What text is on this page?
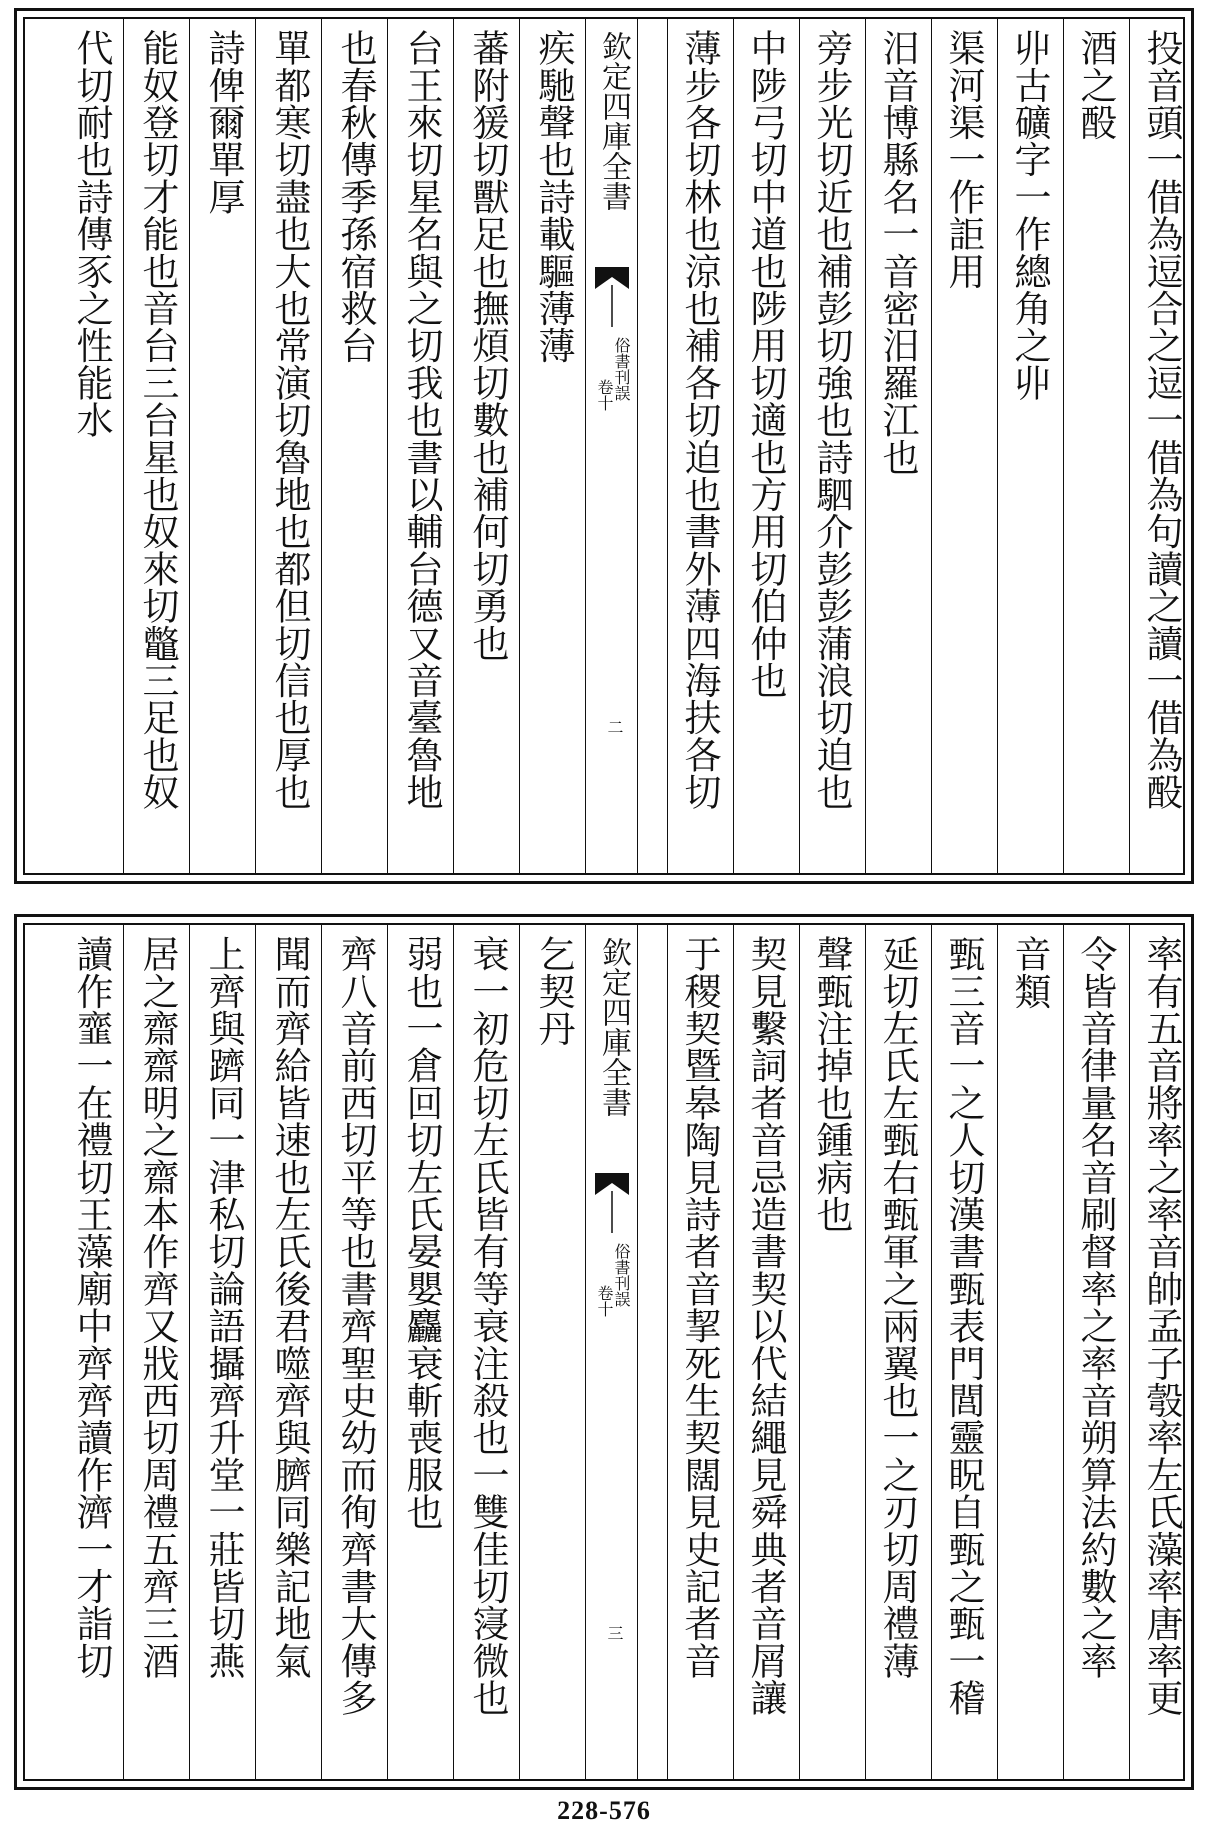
投音頭一借為逗合之逗一借為句讀之讀一借為酘
酒之酘
丱古礦字一作總角之丱
渠河渠一作詎用
汨音博縣名一音密汨羅江也
旁步光切近也補彭切強也詩駟介彭彭蒲浪切迫也
中陟弓切中道也陟用切適也方用切伯仲也
薄步各切林也涼也補各切迫也書外薄四海扶各切
欽定四庫全書
俗書刊誤
卷十
二
疾馳聲也詩載驅薄薄
蕃附猨切獸足也撫煩切數也補何切勇也
台王來切星名與之切我也書以輔台德又音臺魯地
也春秋傳季孫宿救台
單都寒切盡也大也常演切魯地也都但切信也厚也
詩俾爾單厚
能奴登切才能也音台三台星也奴來切鼈三足也奴
代切耐也詩傳豕之性能水
率有五音將率之率音帥孟子彀率左氏藻率唐率更
令皆音律量名音刷督率之率音朔算法約數之率
音類
甄三音一之人切漢書甄表門閭靈眖自甄之甄一稽
延切左氏左甄右甄軍之兩翼也一之刃切周禮薄
聲甄注掉也鍾病也
契見繫詞者音忌造書契以代結繩見舜典者音屑讓
于稷契暨皋陶見詩者音挈死生契闊見史記者音
欽定四庫全書
俗書刊誤
卷十
三
乞契丹
衰一初危切左氏皆有等衰注殺也一雙佳切寖微也
弱也一倉回切左氏晏嬰麤衰斬喪服也
齊八音前西切平等也書齊聖史幼而徇齊書大傳多
聞而齊給皆速也左氏後君噬齊與臍同樂記地氣
上齊與躋同一津私切論語攝齊升堂一莊皆切燕
居之齋齋明之齋本作齊又戕西切周禮五齊三酒
讀作韲一在禮切王藻廟中齊齊讀作濟一才詣切
228-576
